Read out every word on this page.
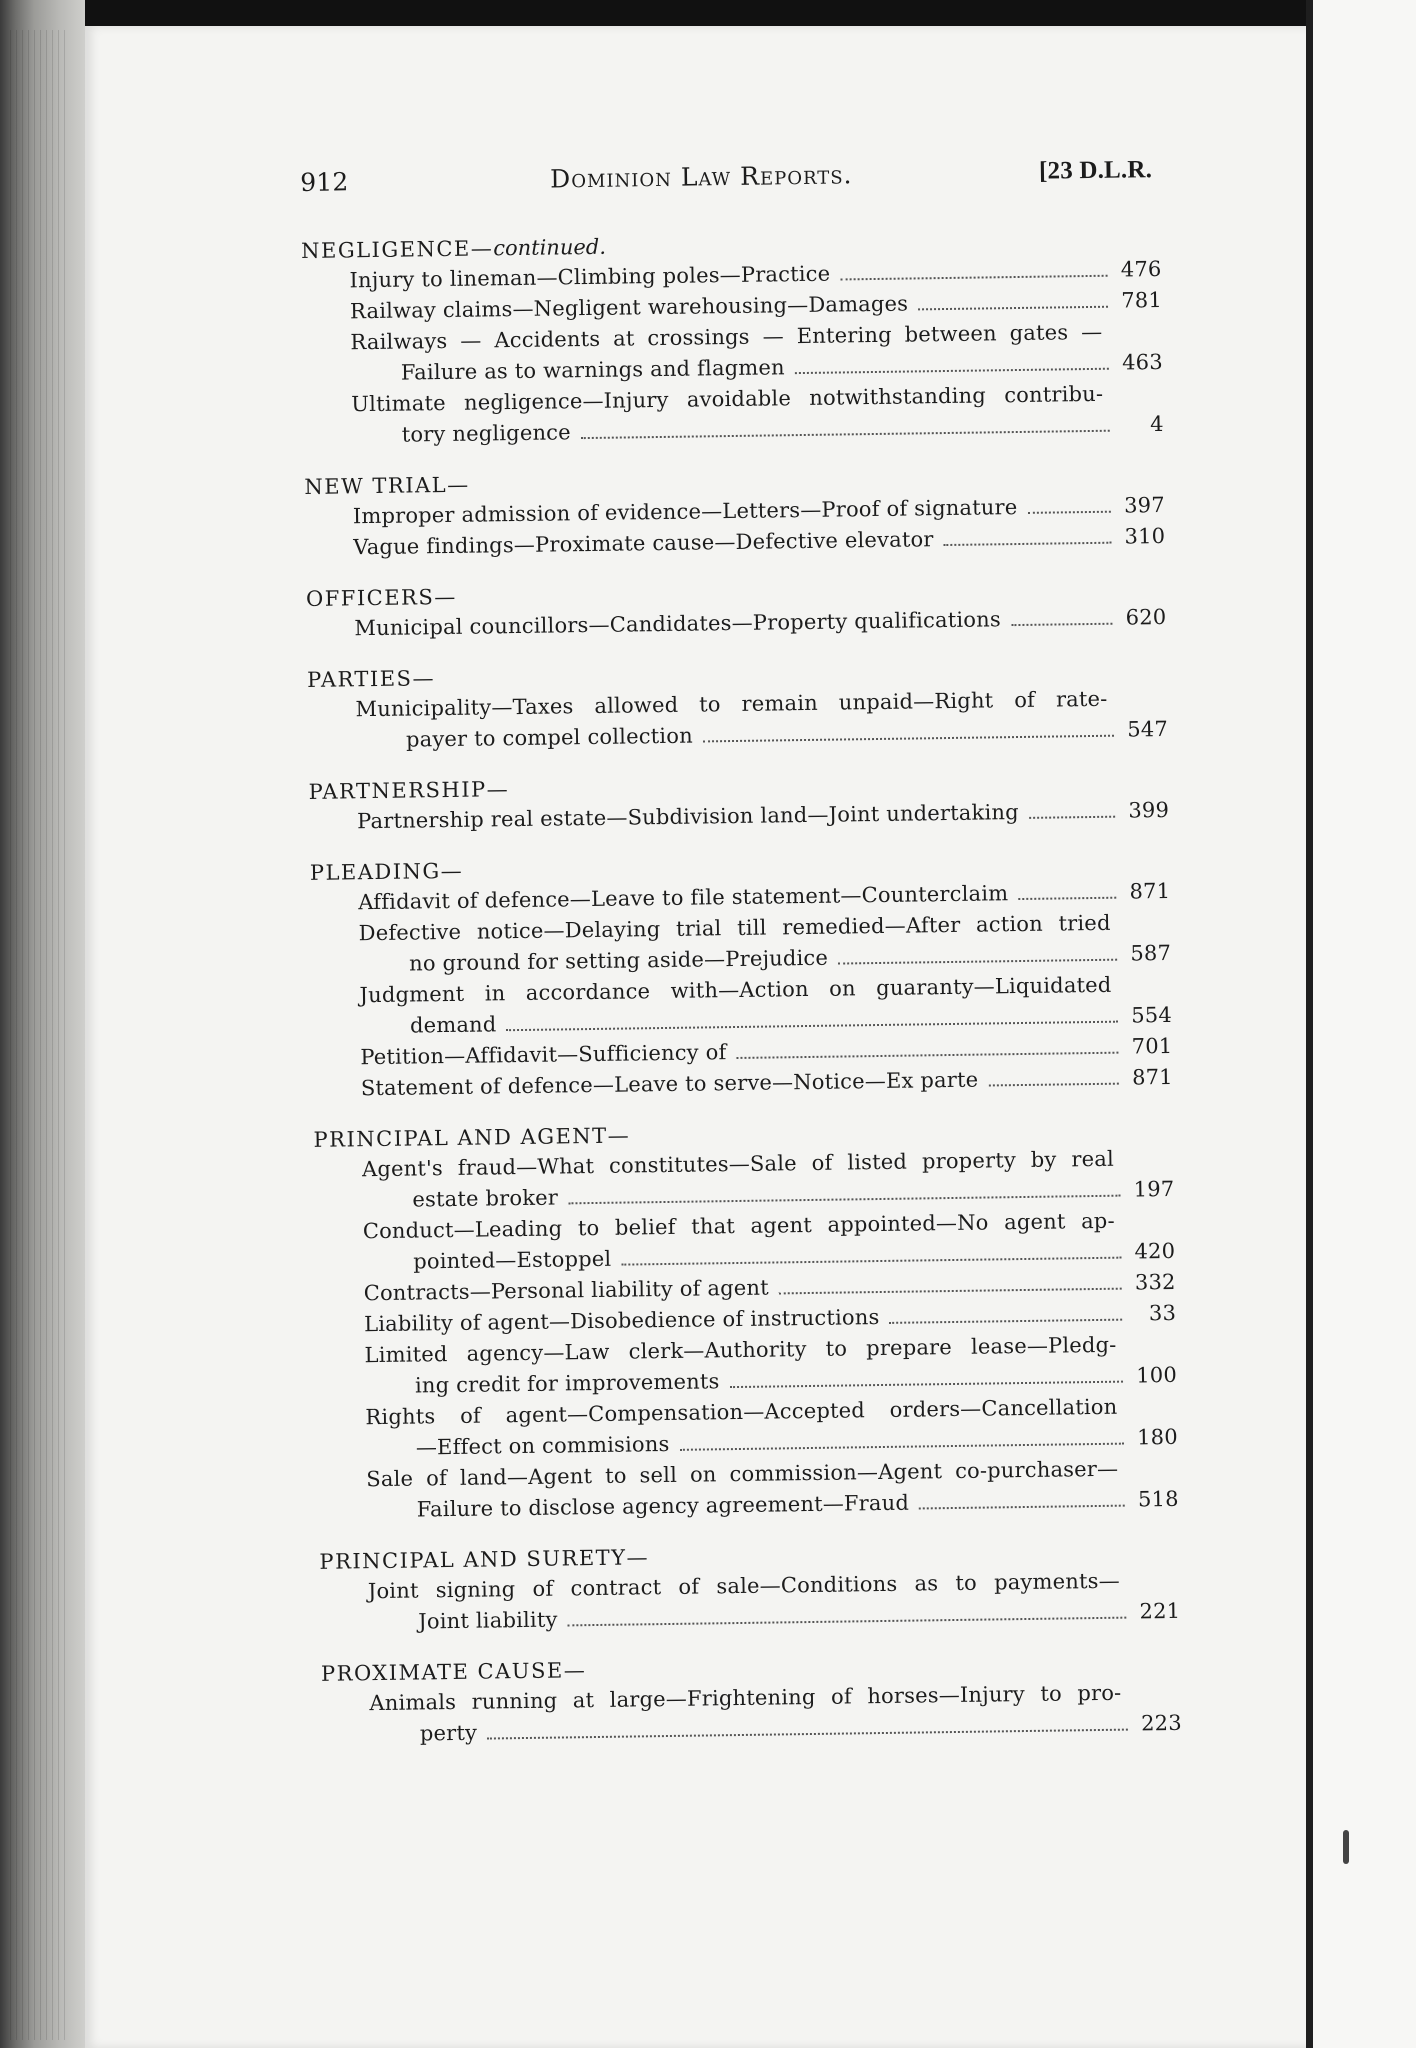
912	Dominion Law Reports.	[23 D.L.R.
NEGLIGENCE—continued.
Injury to lineman—Climbing poles—Practice	476
Railway claims—Negligent warehousing—Damages	781
Railways — Accidents at crossings — Entering between gates —
Failure as to warnings and flagmen	463
Ultimate negligence—Injury avoidable notwithstanding contribu-
tory negligence	4
NEW TRIAL—
Improper admission of evidence—Letters—Proof of signature	397
Vague findings—Proximate cause—Defective elevator	310
OFFICERS—
Municipal councillors—Candidates—Property qualifications	620
PARTIES—
Municipality—Taxes allowed to remain unpaid—Right of rate-
payer to compel collection	547
PARTNERSHIP—
Partnership real estate—Subdivision land—Joint undertaking	399
PLEADING—
Affidavit of defence—Leave to file statement—Counterclaim	871
Defective notice—Delaying trial till remedied—After action tried
no ground for setting aside—Prejudice	587
Judgment in accordance with—Action on guaranty—Liquidated
demand	554
Petition—Affidavit—Sufficiency of	701
Statement of defence—Leave to serve—Notice—Ex parte	871
PRINCIPAL AND AGENT—
Agent's fraud—What constitutes—Sale of listed property by real
estate broker	197
Conduct—Leading to belief that agent appointed—No agent ap-
pointed—Estoppel	420
Contracts—Personal liability of agent	332
Liability of agent—Disobedience of instructions	33
Limited agency—Law clerk—Authority to prepare lease—Pledg-
ing credit for improvements	100
Rights of agent—Compensation—Accepted orders—Cancellation
—Effect on commisions	180
Sale of land—Agent to sell on commission—Agent co-purchaser—
Failure to disclose agency agreement—Fraud	518
PRINCIPAL AND SURETY—
Joint signing of contract of sale—Conditions as to payments—
Joint liability	221
PROXIMATE CAUSE—
Animals running at large—Frightening of horses—Injury to pro-
perty	223
